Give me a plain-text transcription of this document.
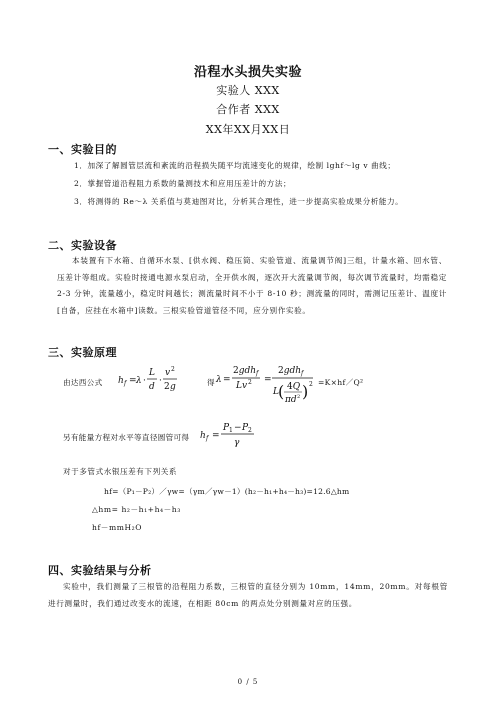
沿程水头损失实验
实验人 XXX
合作者 XXX
XX年XX月XX日
一、实验目的
1．加深了解圆管层流和紊流的沿程损失随平均流速变化的规律，绘制 lghf～lg v 曲线；
2．掌握管道沿程阻力系数的量测技术和应用压差计的方法；
3．将测得的 Re～λ 关系值与莫迪图对比，分析其合理性，进一步提高实验成果分析能力。
二、实验设备
本装置有下水箱、自循环水泵、[供水阀、稳压筒、实验管道、流量调节阀]三组，计量水箱、回水管、压差计等组成。实验时接通电源水泵启动，全开供水阀，逐次开大流量调节阀，每次调节流量时，均需稳定 2-3 分钟，流量越小，稳定时间越长；测流量时间不小于 8-10 秒；测流量的同时，需测记压差计、温度计[自备，应挂在水箱中]读数。三根实验管道管径不同，应分别作实验。
三、实验原理
由达西公式 h f = λ ·
L
d
·
v 2
2 g	得 λ =
2gdh f
Lv 2 =
2gdh f
L ( 4Q
πd 2 ) 2 =K×hf／Q²
另有能量方程对水平等直径圆管可得 h f =
P 1 − P 2
γ
对于多管式水银压差有下列关系
hf=（P₁－P₂）／γw=（γm／γw－1）(h₂－h₁+h₄－h₃)=12.6△hm
△hm= h₂－h₁+h₄－h₃
hf－mmH₂O
四、实验结果与分析
实验中，我们测量了三根管的沿程阻力系数，三根管的直径分别为 10mm，14mm，20mm。对每根管进行测量时，我们通过改变水的流速，在相距 80cm 的两点处分别测量对应的压强。
0 / 5
